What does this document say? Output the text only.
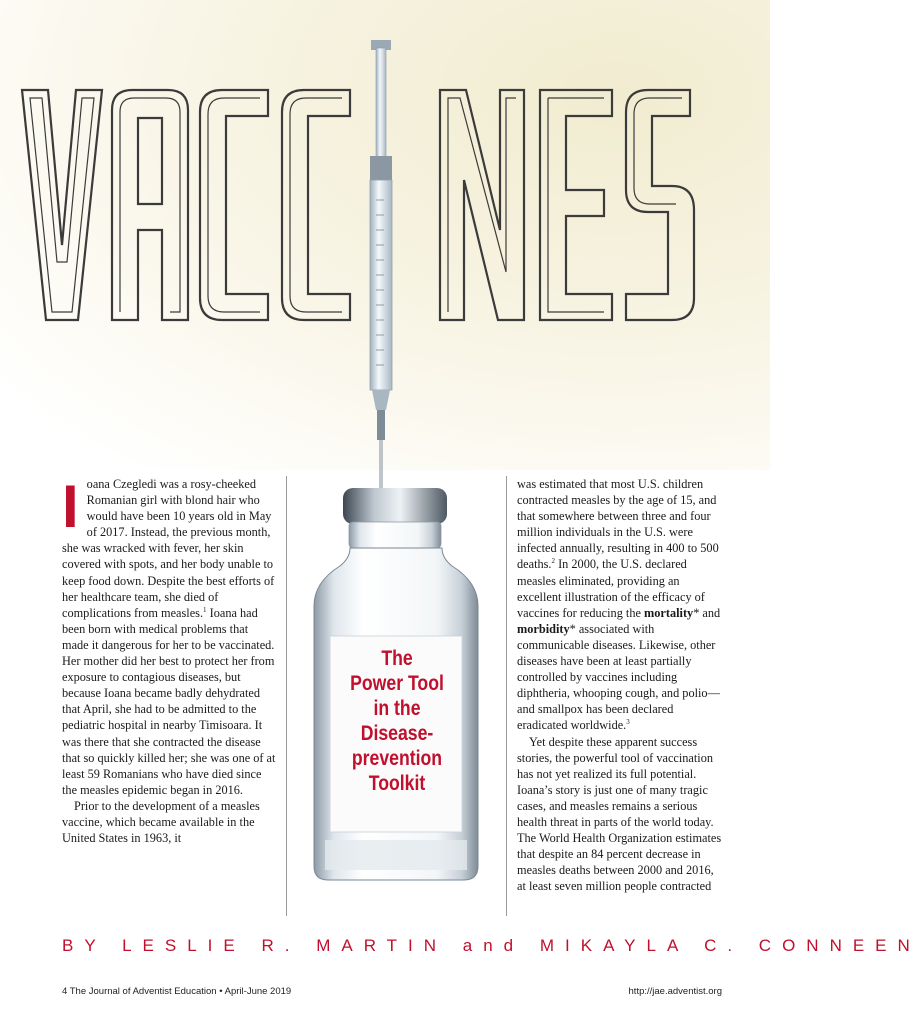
The
Power Tool
in the
Disease-
prevention
Toolkit

Ioana Czegledi was a rosy-cheeked Romanian girl with blond hair who would have been 10 years old in May of 2017. Instead, the previous month, she was wracked with fever, her skin covered with spots, and her body unable to keep food down. Despite the best efforts of her healthcare team, she died of complications from measles.$^1$ Ioana had been born with medical problems that made it dangerous for her to be vaccinated. Her mother did her best to protect her from exposure to contagious diseases, but because Ioana became badly dehydrated that April, she had to be admitted to the pediatric hospital in nearby Timisoara. It was there that she contracted the disease that so quickly killed her; she was one of at least 59 Romanians who have died since the measles epidemic began in 2016.

Prior to the development of a measles vaccine, which became available in the United States in 1963, it

was estimated that most U.S. children contracted measles by the age of 15, and that somewhere between three and four million individuals in the U.S. were infected annually, resulting in 400 to 500 deaths.$^2$ In 2000, the U.S. declared measles eliminated, providing an excellent illustration of the efficacy of vaccines for reducing the mortality* and morbidity* associated with communicable diseases. Likewise, other diseases have been at least partially controlled by vaccines including diphtheria, whooping cough, and polio—and smallpox has been declared eradicated worldwide.$^3$

Yet despite these apparent success stories, the powerful tool of vaccination has not yet realized its full potential. Ioana’s story is just one of many tragic cases, and measles remains a serious health threat in parts of the world today. The World Health Organization estimates that despite an 84 percent decrease in measles deaths between 2000 and 2016, at least seven million people contracted

BY LESLIE R. MARTIN and MIKAYLA C. CONNEEN
4 The Journal of Adventist Education • April-June 2019	http://jae.adventist.org
